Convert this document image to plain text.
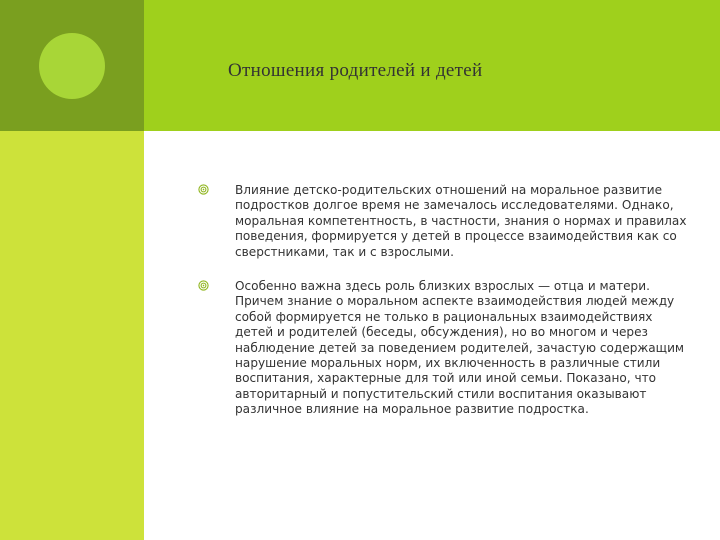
Отношения родителей и детей
Влияние детско-родительских отношений на моральное развитие подростков долгое время не замечалось исследователями. Однако, моральная компетентность, в частности, знания о нормах и правилах поведения, формируется у детей в процессе взаимодействия как со сверстниками, так и с взрослыми.
Особенно важна здесь роль близких взрослых — отца и матери. Причем знание о моральном аспекте взаимодействия людей между собой формируется не только в рациональных взаимодействиях детей и родителей (беседы, обсуждения), но во многом и через наблюдение детей за поведением родителей, зачастую содержащим нарушение моральных норм, их включенность в различные стили воспитания, характерные для той или иной семьи. Показано, что авторитарный и попустительский стили воспитания оказывают различное влияние на моральное развитие подростка.
